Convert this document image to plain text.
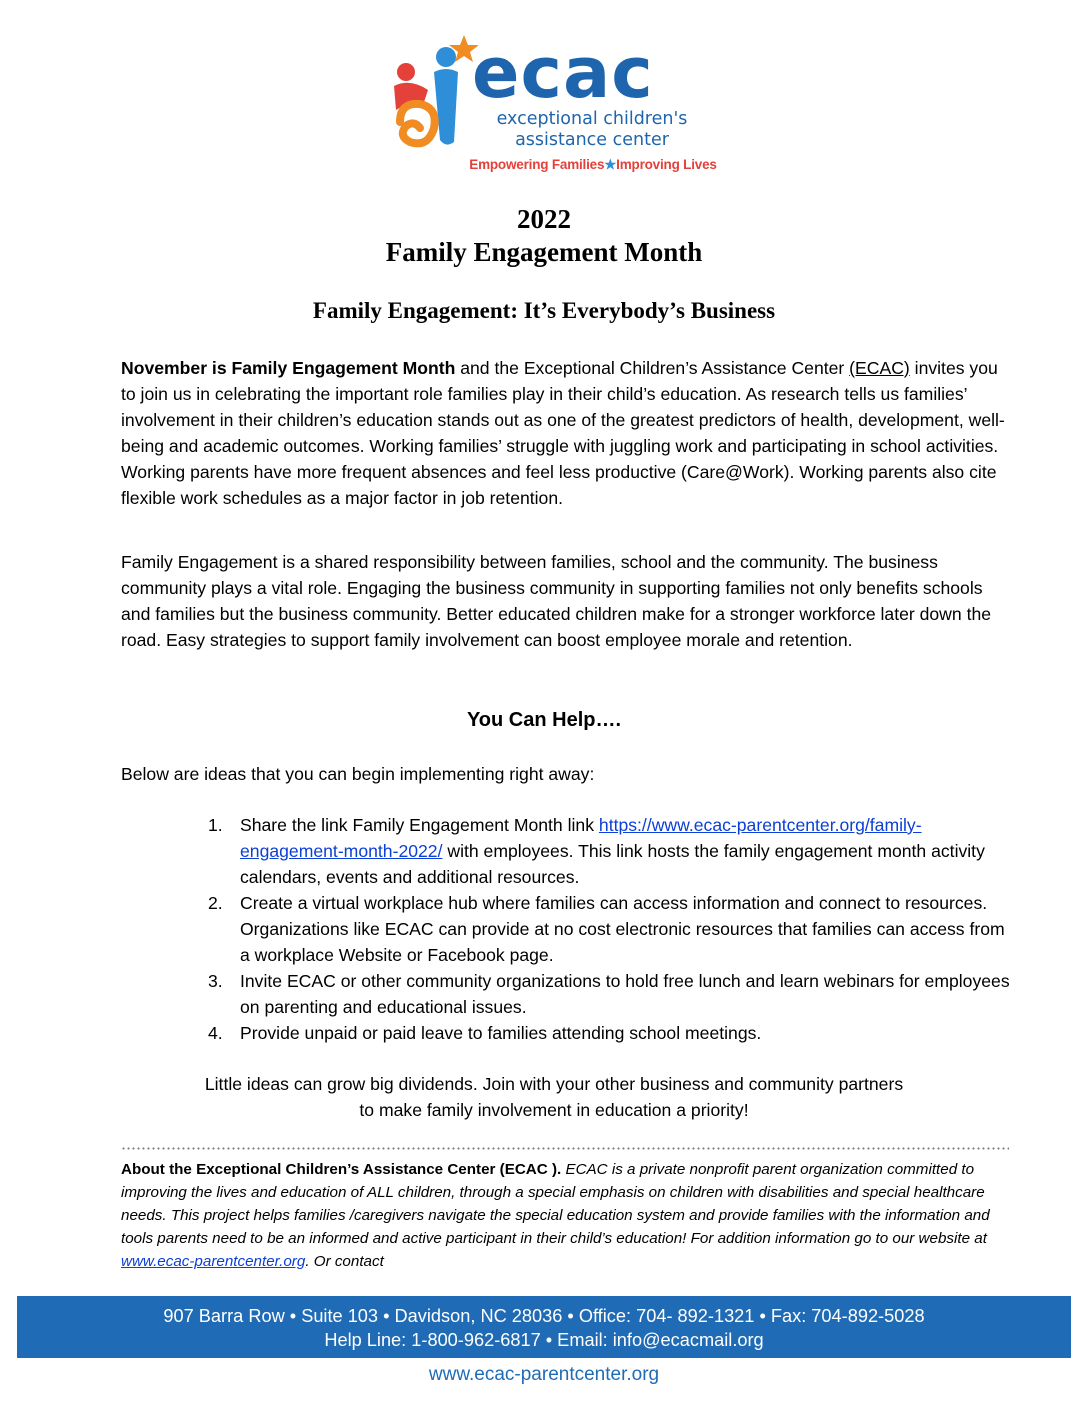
ecac
exceptional children's
assistance center
Empowering Families★Improving Lives
2022
Family Engagement Month
Family Engagement: It’s Everybody’s Business
November is Family Engagement Month and the Exceptional Children’s Assistance Center (ECAC) invites you to join us in celebrating the important role families play in their child’s education. As research tells us families’ involvement in their children’s education stands out as one of the greatest predictors of health, development, well-being and academic outcomes. Working families’ struggle with juggling work and participating in school activities. Working parents have more frequent absences and feel less productive (Care@Work). Working parents also cite flexible work schedules as a major factor in job retention.
Family Engagement is a shared responsibility between families, school and the community. The business community plays a vital role. Engaging the business community in supporting families not only benefits schools and families but the business community. Better educated children make for a stronger workforce later down the road. Easy strategies to support family involvement can boost employee morale and retention.
You Can Help….
Below are ideas that you can begin implementing right away:
1. Share the link Family Engagement Month link https://www.ecac-parentcenter.org/family-engagement-month-2022/ with employees. This link hosts the family engagement month activity calendars, events and additional resources.
2. Create a virtual workplace hub where families can access information and connect to resources. Organizations like ECAC can provide at no cost electronic resources that families can access from a workplace Website or Facebook page.
3. Invite ECAC or other community organizations to hold free lunch and learn webinars for employees on parenting and educational issues.
4. Provide unpaid or paid leave to families attending school meetings.
Little ideas can grow big dividends. Join with your other business and community partners
to make family involvement in education a priority!
About the Exceptional Children’s Assistance Center (ECAC ). ECAC is a private nonprofit parent organization committed to improving the lives and education of ALL children, through a special emphasis on children with disabilities and special healthcare needs. This project helps families /caregivers navigate the special education system and provide families with the information and tools parents need to be an informed and active participant in their child’s education! For addition information go to our website at www.ecac-parentcenter.org. Or contact
907 Barra Row • Suite 103 • Davidson, NC 28036 • Office: 704- 892-1321 • Fax: 704-892-5028
Help Line: 1-800-962-6817 • Email: info@ecacmail.org
www.ecac-parentcenter.org
